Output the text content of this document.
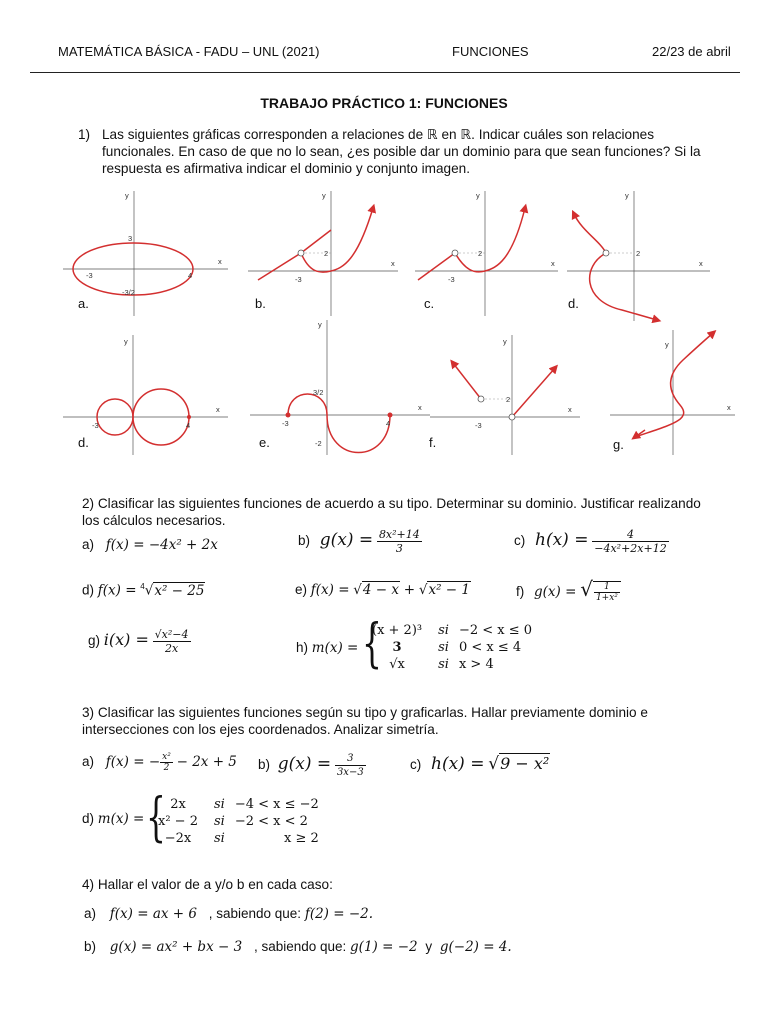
MATEMÁTICA BÁSICA - FADU – UNL (2021)	FUNCIONES	22/23 de abril
TRABAJO PRÁCTICO 1: FUNCIONES
1) Las siguientes gráficas corresponden a relaciones de ℝ en ℝ. Indicar cuáles son relaciones
funcionales. En caso de que no lo sean, ¿es posible dar un dominio para que sean funciones? Si la
respuesta es afirmativa indicar el dominio y conjunto imagen.
y
x
3
-3	4
-3/2
a.
y
x
2
-3
b.
y
x
2
-3
c.
y
x
2
d.
y
x
-3	4
d.
y
x
3/2
-3	4
-2
e.
y
x
2
-3
f.
y
x
g.
2) Clasificar las siguientes funciones de acuerdo a su tipo. Determinar su dominio. Justificar realizando
los cálculos necesarios.
a) f(x) = −4x² + 2x	b) $g(x) = \frac{\text{8x²+14}}{3}$	c) $h(x) = \frac{4}{\text{−4x²+2x+12}}$
d) f(x) = $^4$√x² − 25	e) f(x) = √4 − x + √x² − 1	f) g(x) = √ $\frac{1}{\text{1+x²}}$
g) $i(x) = \frac{\text{√x²−4}}{2x}$	h) m(x) = {
(x + 2)³	si	−2 < x ≤ 0
3	si	0 < x ≤ 4
√x	si	x > 4
3) Clasificar las siguientes funciones según su tipo y graficarlas. Hallar previamente dominio e
intersecciones con los ejes coordenados. Analizar simetría.
a) f(x) = − $\frac{\text{x²}}{2} - 2x + 5$ b) $g(x) = \frac{3}{3x-3}$	c) h(x) = √9 − x²
d) m(x) = { 2x	si	−4 < x ≤ −2
x² − 2	si	−2 < x < 2
−2x	si	x ≥ 2
4) Hallar el valor de a y/o b en cada caso:
a) f(x) = ax + 6 , sabiendo que: f(2) = −2.
b) g(x) = ax² + bx − 3 , sabiendo que: g(1) = −2 y g(−2) = 4.
